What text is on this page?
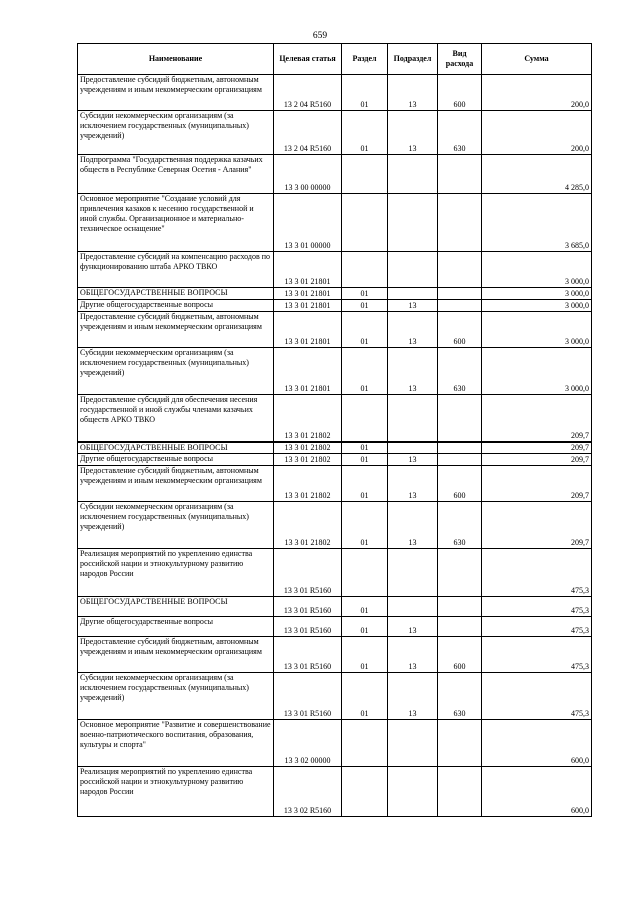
659
Наименование	Целевая статья	Раздел	Подраздел	Вид расхода	Сумма
Предоставление субсидий бюджетным, автономным учреждениям и иным некоммерческим организациям	13 2 04 R5160	01	13	600	200,0
Субсидии некоммерческим организациям (за исключением государственных (муниципальных) учреждений)	13 2 04 R5160	01	13	630	200,0
Подпрограмма "Государственная поддержка казачьих обществ в Республике Северная Осетия - Алания"	13 3 00 00000				4 285,0
Основное мероприятие "Создание условий для привлечения казаков к несению государственной и иной службы. Организационное и материально-техническое оснащение"	13 3 01 00000				3 685,0
Предоставление субсидий на компенсацию расходов по функционированию штаба АРКО ТВКО	13 3 01 21801				3 000,0
ОБЩЕГОСУДАРСТВЕННЫЕ ВОПРОСЫ	13 3 01 21801	01			3 000,0
Другие общегосударственные вопросы	13 3 01 21801	01	13		3 000,0
Предоставление субсидий бюджетным, автономным учреждениям и иным некоммерческим организациям	13 3 01 21801	01	13	600	3 000,0
Субсидии некоммерческим организациям (за исключением государственных (муниципальных) учреждений)	13 3 01 21801	01	13	630	3 000,0
Предоставление субсидий для обеспечения несения государственной и иной службы членами казачьих обществ АРКО ТВКО	13 3 01 21802				209,7
ОБЩЕГОСУДАРСТВЕННЫЕ ВОПРОСЫ	13 3 01 21802	01			209,7
Другие общегосударственные вопросы	13 3 01 21802	01	13		209,7
Предоставление субсидий бюджетным, автономным учреждениям и иным некоммерческим организациям	13 3 01 21802	01	13	600	209,7
Субсидии некоммерческим организациям (за исключением государственных (муниципальных) учреждений)	13 3 01 21802	01	13	630	209,7
Реализация мероприятий по укреплению единства российской нации и этнокультурному развитию народов России	13 3 01 R5160				475,3
ОБЩЕГОСУДАРСТВЕННЫЕ ВОПРОСЫ	13 3 01 R5160	01			475,3
Другие общегосударственные вопросы	13 3 01 R5160	01	13		475,3
Предоставление субсидий бюджетным, автономным учреждениям и иным некоммерческим организациям	13 3 01 R5160	01	13	600	475,3
Субсидии некоммерческим организациям (за исключением государственных (муниципальных) учреждений)	13 3 01 R5160	01	13	630	475,3
Основное мероприятие "Развитие и совершенствование военно-патриотического воспитания, образования, культуры и спорта"	13 3 02 00000				600,0
Реализация мероприятий по укреплению единства российской нации и этнокультурному развитию народов России	13 3 02 R5160				600,0
